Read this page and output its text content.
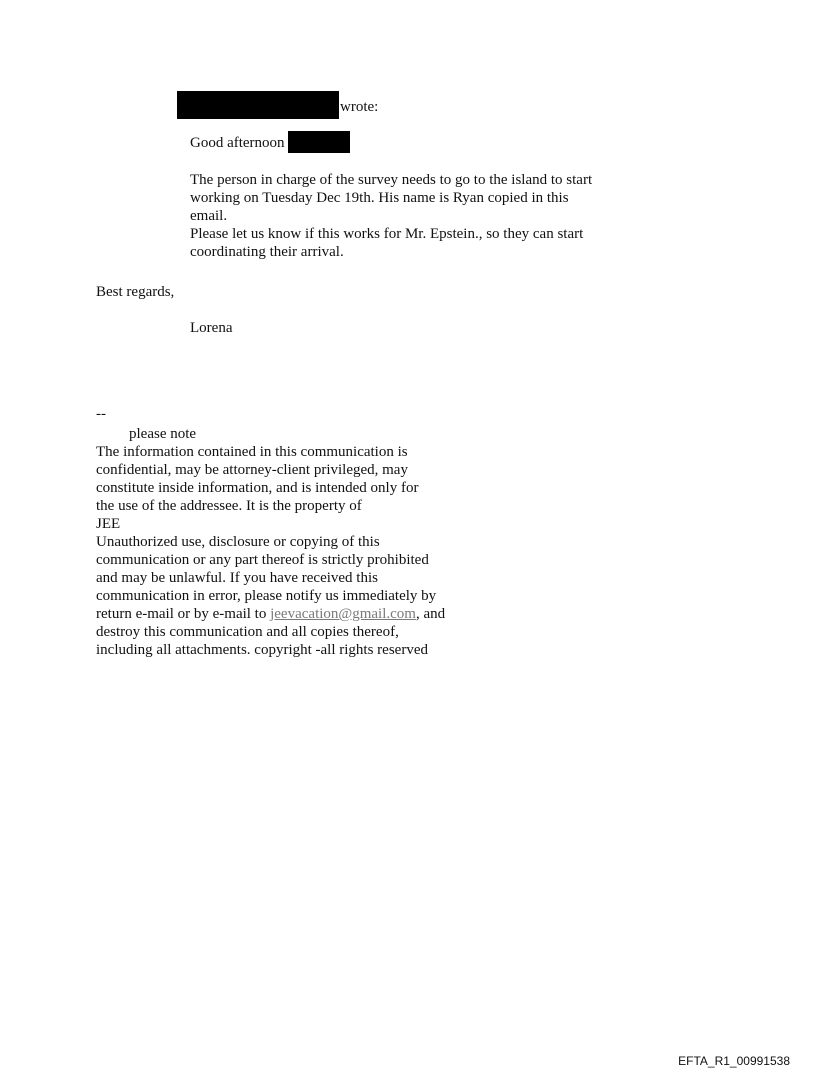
wrote:
Good afternoon
The person in charge of the survey needs to go to the island to start
working on Tuesday Dec 19th. His name is Ryan copied in this
email.
Please let us know if this works for Mr. Epstein., so they can start
coordinating their arrival.
Best regards,
Lorena
--
please note
The information contained in this communication is
confidential, may be attorney-client privileged, may
constitute inside information, and is intended only for
the use of the addressee. It is the property of
JEE
Unauthorized use, disclosure or copying of this
communication or any part thereof is strictly prohibited
and may be unlawful. If you have received this
communication in error, please notify us immediately by
return e-mail or by e-mail to jeevacation@gmail.com, and
destroy this communication and all copies thereof,
including all attachments. copyright -all rights reserved
EFTA_R1_00991538
